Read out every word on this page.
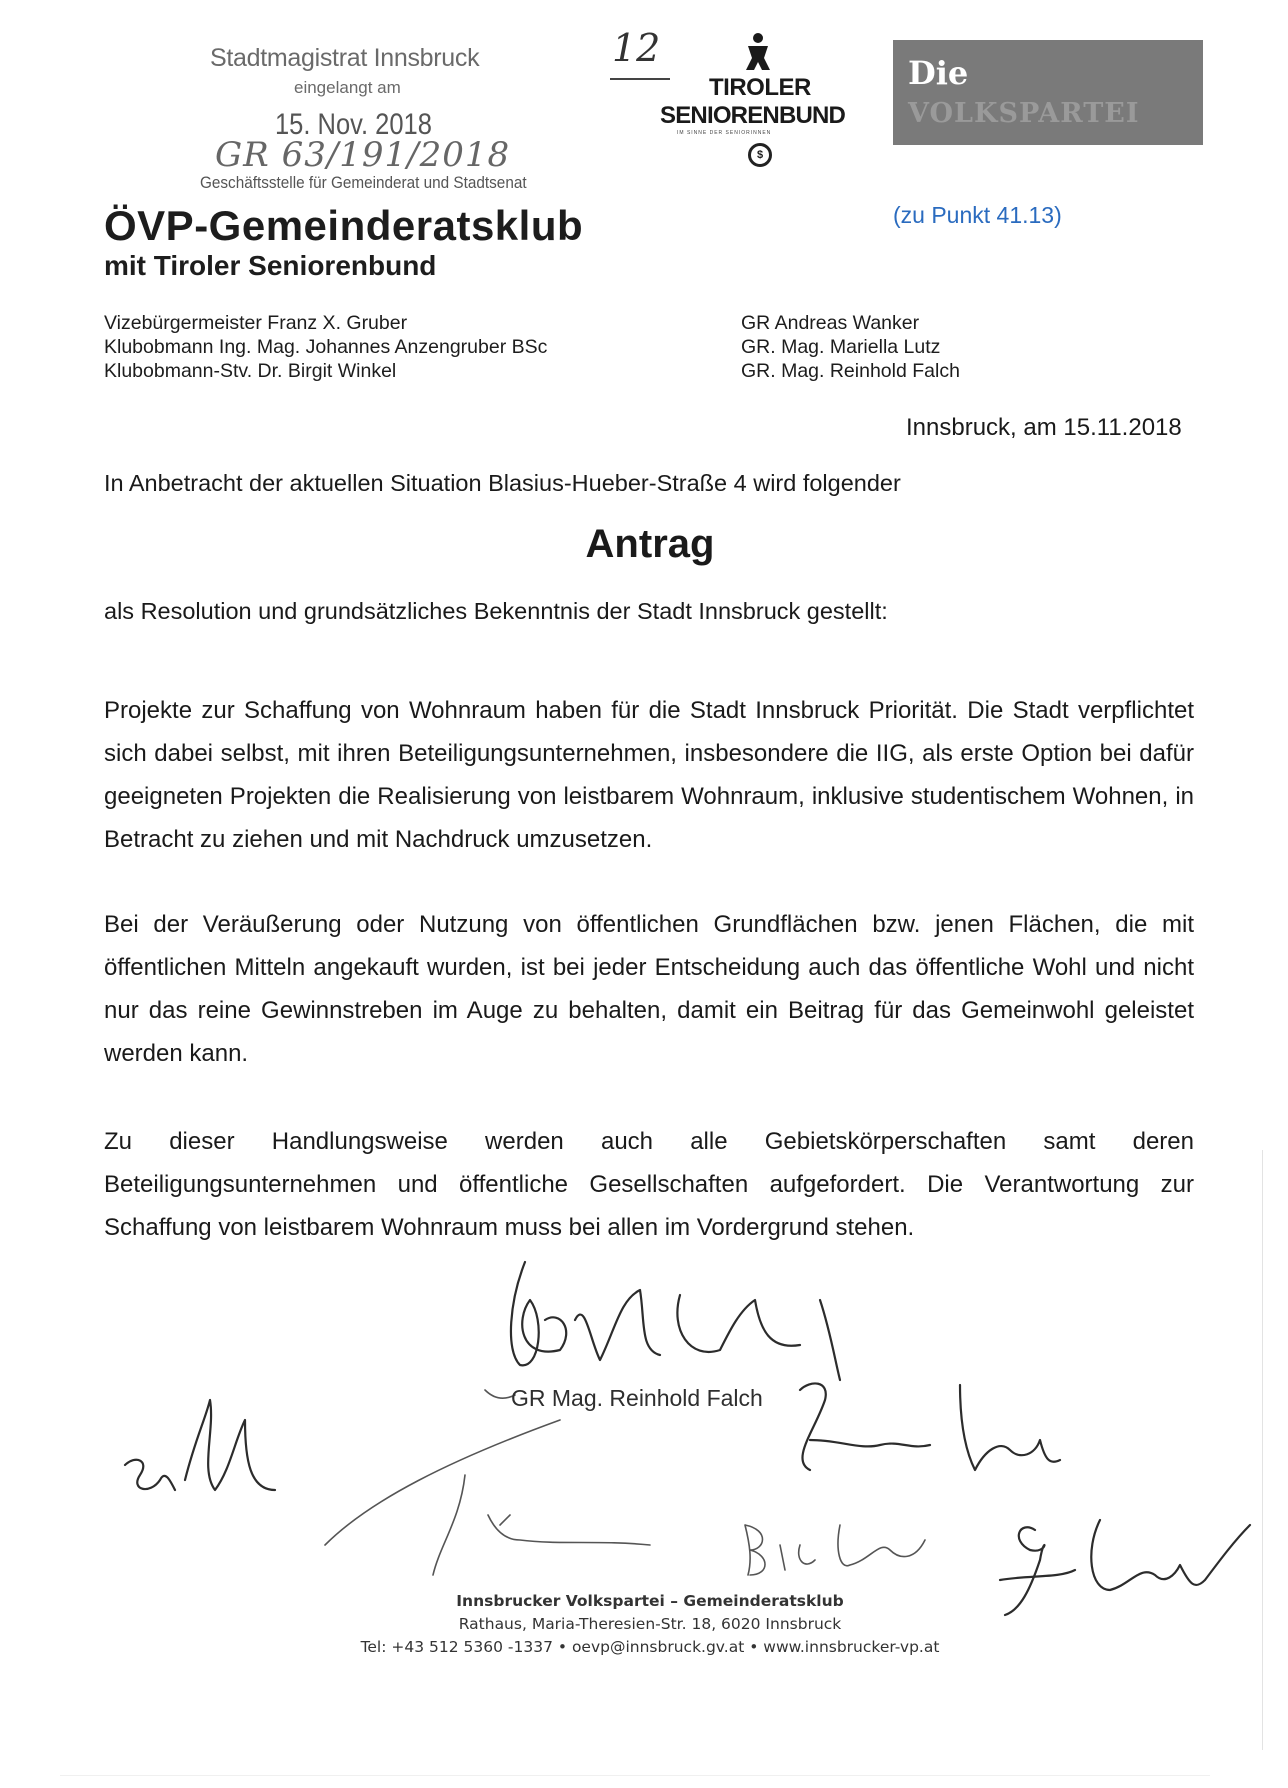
Stadtmagistrat Innsbruck
eingelangt am
15. Nov. 2018
GR 63/191/2018
Geschäftsstelle für Gemeinderat und Stadtsenat
12
TIROLER
SENIORENBUND
IM SINNE DER SENIORINNEN
$
Die
VOLKSPARTEI
ÖVP-Gemeinderatsklub
mit Tiroler Seniorenbund
(zu Punkt 41.13)
Vizebürgermeister Franz X. Gruber
Klubobmann Ing. Mag. Johannes Anzengruber BSc
Klubobmann-Stv. Dr. Birgit Winkel
GR Andreas Wanker
GR. Mag. Mariella Lutz
GR. Mag. Reinhold Falch
Innsbruck, am 15.11.2018
In Anbetracht der aktuellen Situation Blasius-Hueber-Straße 4 wird folgender
Antrag
als Resolution und grundsätzliches Bekenntnis der Stadt Innsbruck gestellt:
Projekte zur Schaffung von Wohnraum haben für die Stadt Innsbruck Priorität. Die Stadt verpflichtet sich dabei selbst, mit ihren Beteiligungsunternehmen, insbesondere die IIG, als erste Option bei dafür geeigneten Projekten die Realisierung von leistbarem Wohnraum, inklusive studentischem Wohnen, in Betracht zu ziehen und mit Nachdruck umzusetzen.
Bei der Veräußerung oder Nutzung von öffentlichen Grundflächen bzw. jenen Flächen, die mit öffentlichen Mitteln angekauft wurden, ist bei jeder Entscheidung auch das öffentliche Wohl und nicht nur das reine Gewinnstreben im Auge zu behalten, damit ein Beitrag für das Gemeinwohl geleistet werden kann.
Zu dieser Handlungsweise werden auch alle Gebietskörperschaften samt deren Beteiligungsunternehmen und öffentliche Gesellschaften aufgefordert. Die Verantwortung zur Schaffung von leistbarem Wohnraum muss bei allen im Vordergrund stehen.
GR Mag. Reinhold Falch
Innsbrucker Volkspartei – Gemeinderatsklub
Rathaus, Maria-Theresien-Str. 18, 6020 Innsbruck
Tel: +43 512 5360 -1337 • oevp@innsbruck.gv.at • www.innsbrucker-vp.at
